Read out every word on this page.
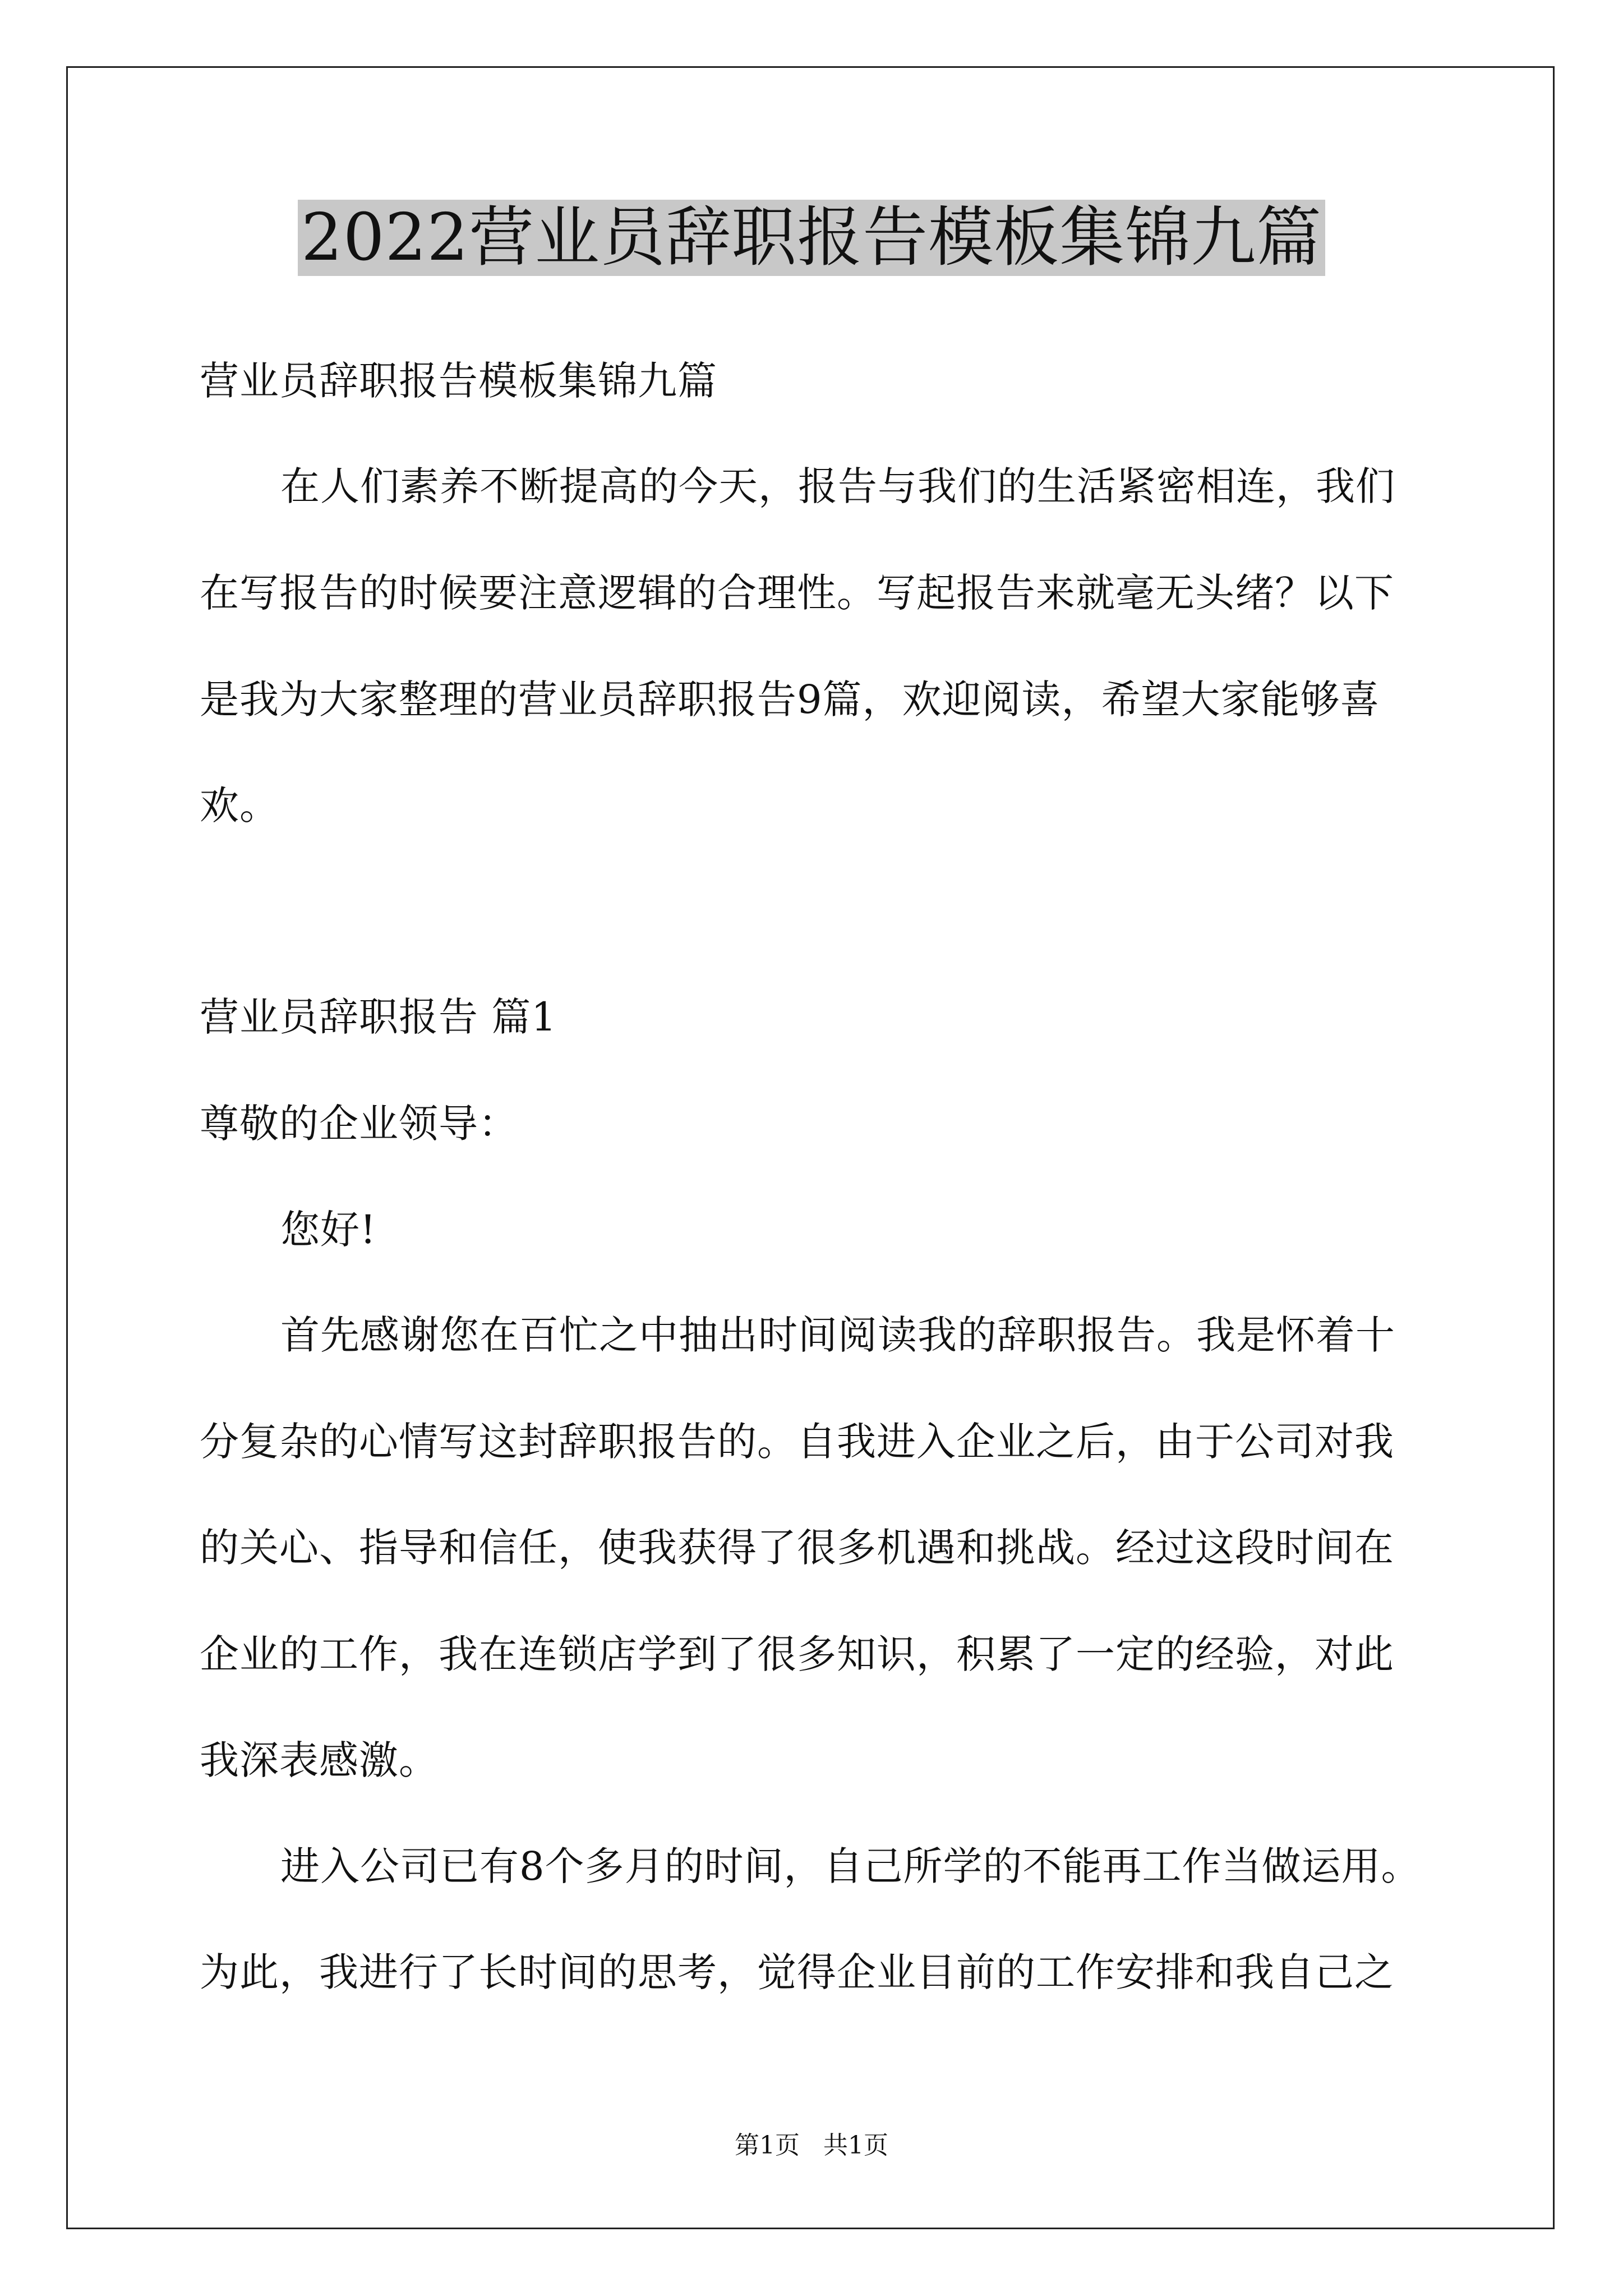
2022营业员辞职报告模板集锦九篇
营业员辞职报告模板集锦九篇
在人们素养不断提高的今天，报告与我们的生活紧密相连，我们
在写报告的时候要注意逻辑的合理性。写起报告来就毫无头绪？以下
是我为大家整理的营业员辞职报告9篇，欢迎阅读，希望大家能够喜
欢。
营业员辞职报告 篇1
尊敬的企业领导：
您好!
首先感谢您在百忙之中抽出时间阅读我的辞职报告。我是怀着十
分复杂的心情写这封辞职报告的。自我进入企业之后，由于公司对我
的关心、指导和信任，使我获得了很多机遇和挑战。经过这段时间在
企业的工作，我在连锁店学到了很多知识，积累了一定的经验，对此
我深表感激。
进入公司已有8个多月的时间，自己所学的不能再工作当做运用。
为此，我进行了长时间的思考，觉得企业目前的工作安排和我自己之
第1页   共1页
